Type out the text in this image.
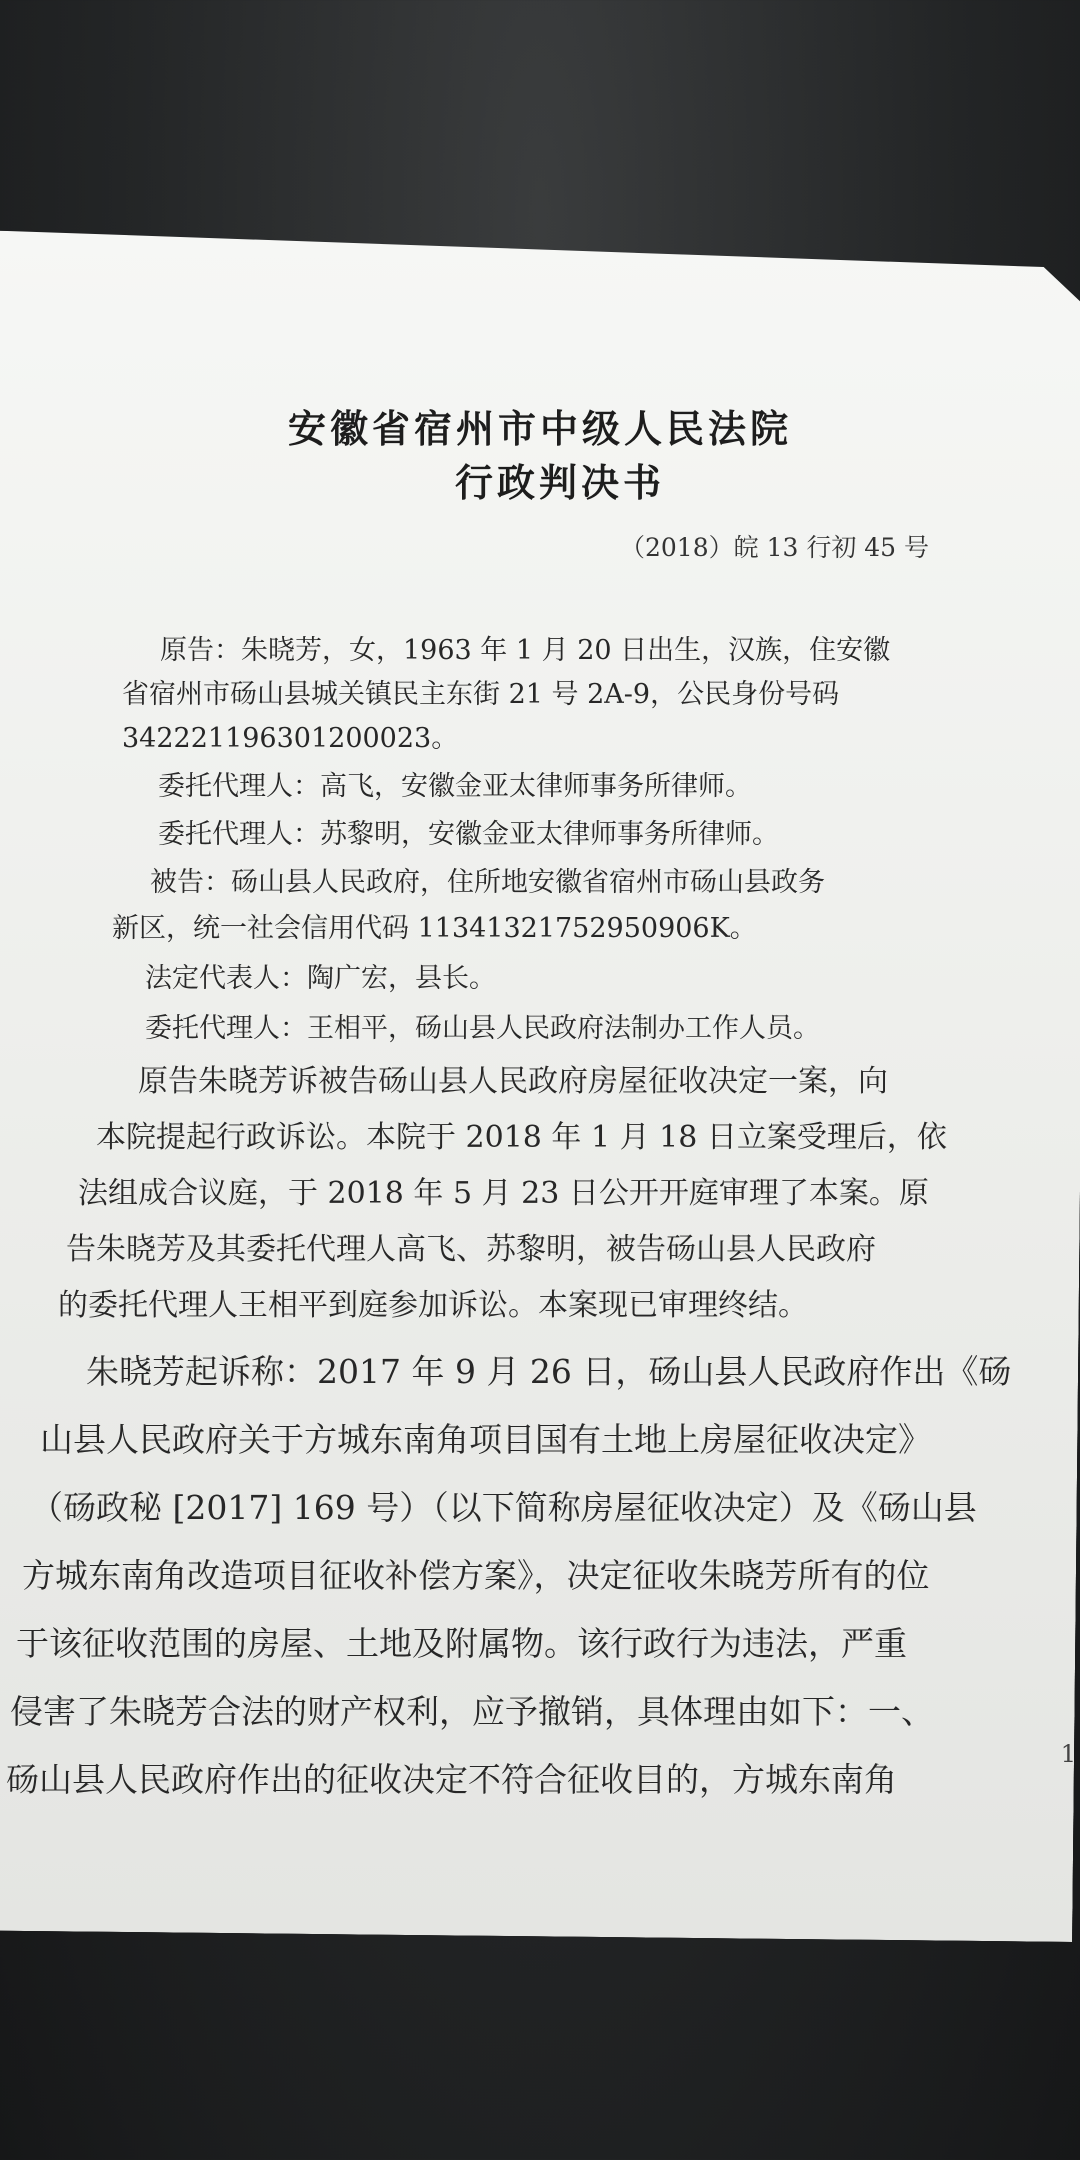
安徽省宿州市中级人民法院
行政判决书
（2018）皖 13 行初 45 号
原告：朱晓芳，女，1963 年 1 月 20 日出生，汉族，住安徽
省宿州市砀山县城关镇民主东街 21 号 2A-9，公民身份号码
342221196301200023。
委托代理人：高飞，安徽金亚太律师事务所律师。
委托代理人：苏黎明，安徽金亚太律师事务所律师。
被告：砀山县人民政府，住所地安徽省宿州市砀山县政务
新区，统一社会信用代码 11341321752950906K。
法定代表人：陶广宏，县长。
委托代理人：王相平，砀山县人民政府法制办工作人员。
原告朱晓芳诉被告砀山县人民政府房屋征收决定一案，向
本院提起行政诉讼。本院于 2018 年 1 月 18 日立案受理后，依
法组成合议庭，于 2018 年 5 月 23 日公开开庭审理了本案。原
告朱晓芳及其委托代理人高飞、苏黎明，被告砀山县人民政府
的委托代理人王相平到庭参加诉讼。本案现已审理终结。
朱晓芳起诉称：2017 年 9 月 26 日，砀山县人民政府作出《砀
山县人民政府关于方城东南角项目国有土地上房屋征收决定》
（砀政秘 [2017] 169 号）（以下简称房屋征收决定）及《砀山县
方城东南角改造项目征收补偿方案》，决定征收朱晓芳所有的位
于该征收范围的房屋、土地及附属物。该行政行为违法，严重
侵害了朱晓芳合法的财产权利，应予撤销，具体理由如下：一、
砀山县人民政府作出的征收决定不符合征收目的，方城东南角
1
